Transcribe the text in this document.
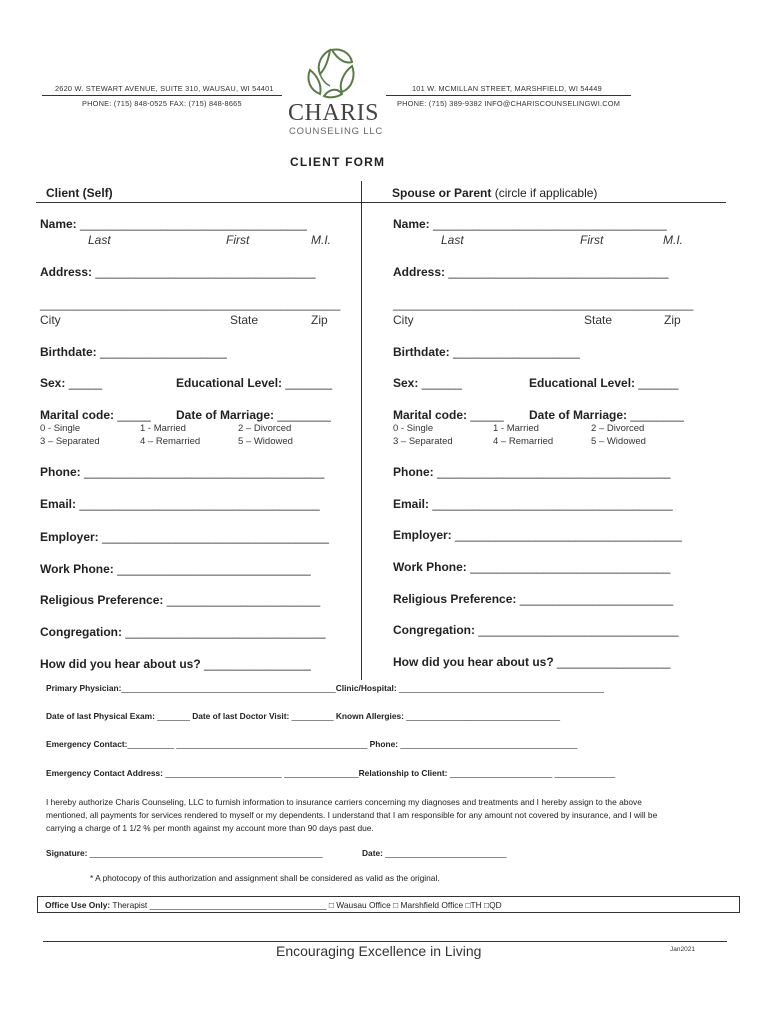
2620 W. STEWART AVENUE, SUITE 310, WAUSAU, WI 54401
PHONE: (715) 848-0525 FAX: (715) 848-8665
101 W. MCMILLAN STREET, MARSHFIELD, WI 54449
PHONE: (715) 389-9382 INFO@CHARISCOUNSELINGWI.COM
CHARIS
COUNSELING LLC
CLIENT FORM
Client (Self)	Spouse or Parent (circle if applicable)
Name: __________________________________
Last	First	M.I.
Address: _________________________________
_____________________________________________
City	State	Zip
Birthdate: ___________________
Sex: _____	Educational Level: _______
Marital code: _____ Date of Marriage: ________
0 - Single	1 - Married	2 – Divorced
3 – Separated	4 – Remarried	5 – Widowed
Phone: ____________________________________
Email: ____________________________________
Employer: __________________________________
Work Phone: _____________________________
Religious Preference: _______________________
Congregation: ______________________________
How did you hear about us? ________________
Name: ___________________________________
Last	First	M.I.
Address: _________________________________
_____________________________________________
City	State	Zip
Birthdate: ___________________
Sex: ______	Educational Level: ______
Marital code: _____ Date of Marriage: ________
0 - Single	1 - Married	2 – Divorced
3 – Separated	4 – Remarried	5 – Widowed
Phone: ___________________________________
Email: ____________________________________
Employer: __________________________________
Work Phone: ______________________________
Religious Preference: _______________________
Congregation: ______________________________
How did you hear about us? _________________
Primary Physician:______________________________________________Clinic/Hospital: ____________________________________________
Date of last Physical Exam: _______ Date of last Doctor Visit: _________ Known Allergies: _________________________________
Emergency Contact:__________ _________________________________________ Phone: ______________________________________
Emergency Contact Address: _________________________ ________________Relationship to Client: ______________________ _____________
I hereby authorize Charis Counseling, LLC to furnish information to insurance carriers concerning my diagnoses and treatments and I hereby assign to the above
mentioned, all payments for services rendered to myself or my dependents. I understand that I am responsible for any amount not covered by insurance, and I will be
carrying a charge of 1 1/2 % per month against my account more than 90 days past due.
Signature: __________________________________________________	Date: __________________________
* A photocopy of this authorization and assignment shall be considered as valid as the original.
Office Use Only: Therapist ______________________________________ □ Wausau Office □ Marshfield Office □TH □QD
Encouraging Excellence in Living	Jan2021
